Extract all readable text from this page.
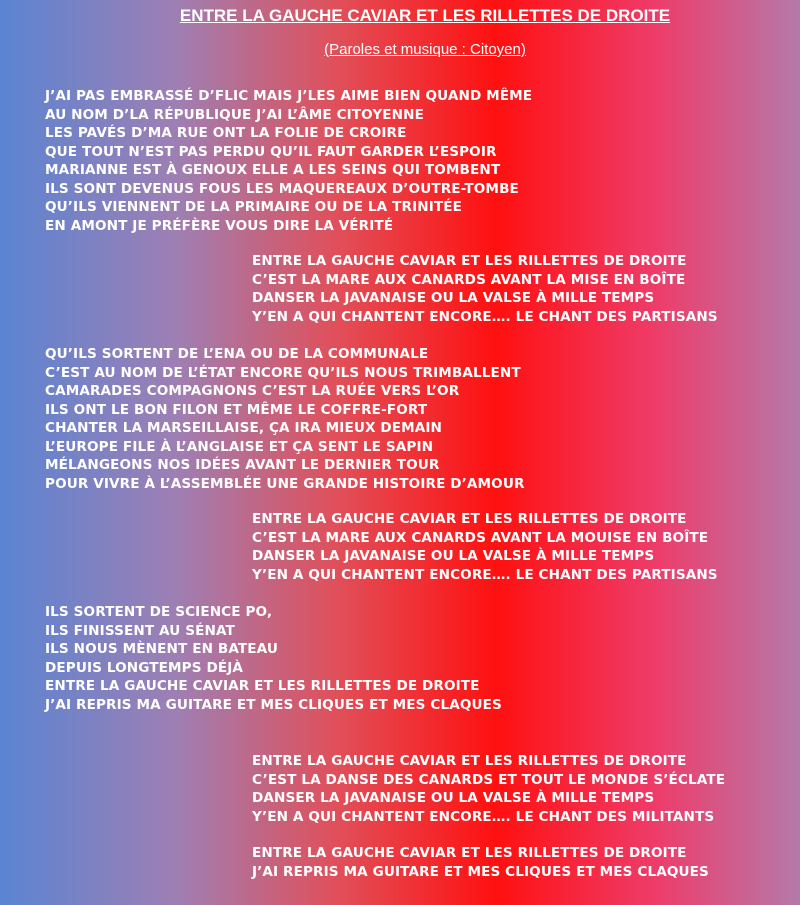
ENTRE LA GAUCHE CAVIAR ET LES RILLETTES DE DROITE
(Paroles et musique : Citoyen)
J’AI PAS EMBRASSÉ D’FLIC MAIS J’LES AIME BIEN QUAND MÊME
AU NOM D’LA RÉPUBLIQUE J’AI L’ÂME CITOYENNE
LES PAVÉS D’MA RUE ONT LA FOLIE DE CROIRE
QUE TOUT N’EST PAS PERDU QU’IL FAUT GARDER L’ESPOIR
MARIANNE EST À GENOUX ELLE A LES SEINS QUI TOMBENT
ILS SONT DEVENUS FOUS LES MAQUEREAUX D’OUTRE-TOMBE
QU’ILS VIENNENT DE LA PRIMAIRE OU DE LA TRINITÉE
EN AMONT JE PRÉFÈRE VOUS DIRE LA VÉRITÉ
ENTRE LA GAUCHE CAVIAR ET LES RILLETTES DE DROITE
C’EST LA MARE AUX CANARDS AVANT LA MISE EN BOÎTE
DANSER LA JAVANAISE OU LA VALSE À MILLE TEMPS
Y’EN A QUI CHANTENT ENCORE…. LE CHANT DES PARTISANS
QU’ILS SORTENT DE L’ENA OU DE LA COMMUNALE
C’EST AU NOM DE L’ÉTAT ENCORE QU’ILS NOUS TRIMBALLENT
CAMARADES COMPAGNONS C’EST LA RUÉE VERS L’OR
ILS ONT LE BON FILON ET MÊME LE COFFRE-FORT
CHANTER LA MARSEILLAISE, ÇA IRA MIEUX DEMAIN
L’EUROPE FILE À L’ANGLAISE ET ÇA SENT LE SAPIN
MÉLANGEONS NOS IDÉES AVANT LE DERNIER TOUR
POUR VIVRE À L’ASSEMBLÉE UNE GRANDE HISTOIRE D’AMOUR
ENTRE LA GAUCHE CAVIAR ET LES RILLETTES DE DROITE
C’EST LA MARE AUX CANARDS AVANT LA MOUISE EN BOÎTE
DANSER LA JAVANAISE OU LA VALSE À MILLE TEMPS
Y’EN A QUI CHANTENT ENCORE…. LE CHANT DES PARTISANS
ILS SORTENT DE SCIENCE PO,
ILS FINISSENT AU SÉNAT
ILS NOUS MÈNENT EN BATEAU
DEPUIS LONGTEMPS DÉJÀ
ENTRE LA GAUCHE CAVIAR ET LES RILLETTES DE DROITE
J’AI REPRIS MA GUITARE ET MES CLIQUES ET MES CLAQUES
ENTRE LA GAUCHE CAVIAR ET LES RILLETTES DE DROITE
C’EST LA DANSE DES CANARDS ET TOUT LE MONDE S’ÉCLATE
DANSER LA JAVANAISE OU LA VALSE À MILLE TEMPS
Y’EN A QUI CHANTENT ENCORE…. LE CHANT DES MILITANTS
ENTRE LA GAUCHE CAVIAR ET LES RILLETTES DE DROITE
J’AI REPRIS MA GUITARE ET MES CLIQUES ET MES CLAQUES
